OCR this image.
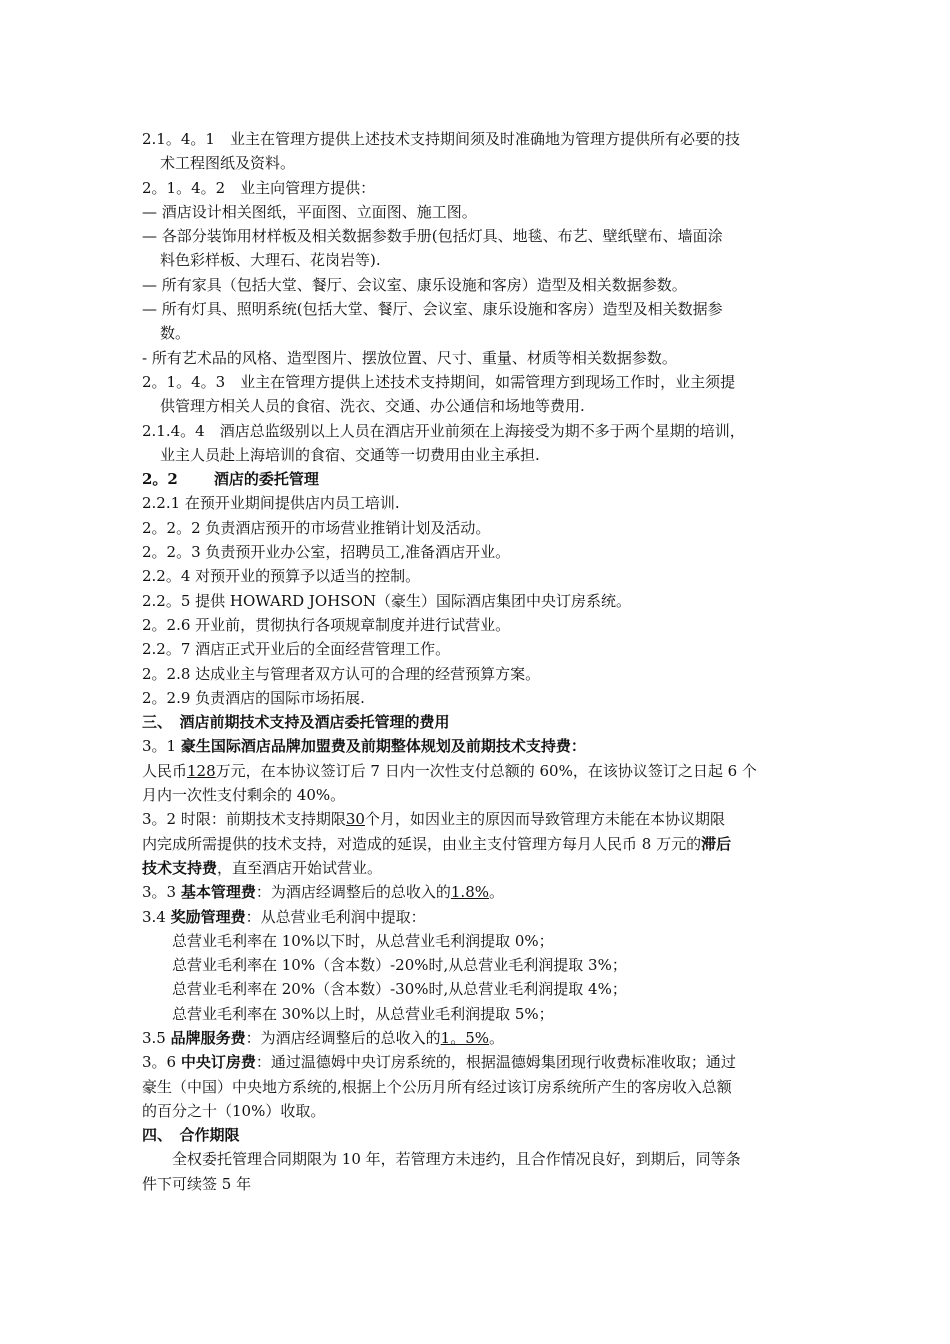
2.1。4。1　业主在管理方提供上述技术支持期间须及时准确地为管理方提供所有必要的技
术工程图纸及资料。
2。1。4。2　业主向管理方提供：
— 酒店设计相关图纸，平面图、立面图、施工图。
— 各部分装饰用材样板及相关数据参数手册(包括灯具、地毯、布艺、壁纸壁布、墙面涂
料色彩样板、大理石、花岗岩等).
— 所有家具（包括大堂、餐厅、会议室、康乐设施和客房）造型及相关数据参数。
— 所有灯具、照明系统(包括大堂、餐厅、会议室、康乐设施和客房）造型及相关数据参
数。
- 所有艺术品的风格、造型图片、摆放位置、尺寸、重量、材质等相关数据参数。
2。1。4。3　业主在管理方提供上述技术支持期间，如需管理方到现场工作时，业主须提
供管理方相关人员的食宿、洗衣、交通、办公通信和场地等费用.
2.1.4。4　酒店总监级别以上人员在酒店开业前须在上海接受为期不多于两个星期的培训，
业主人员赴上海培训的食宿、交通等一切费用由业主承担.
2。2 酒店的委托管理
2.2.1 在预开业期间提供店内员工培训.
2。2。2 负责酒店预开的市场营业推销计划及活动。
2。2。3 负责预开业办公室，招聘员工,准备酒店开业。
2.2。4 对预开业的预算予以适当的控制。
2.2。5 提供 HOWARD JOHSON（豪生）国际酒店集团中央订房系统。
2。2.6 开业前，贯彻执行各项规章制度并进行试营业。
2.2。7 酒店正式开业后的全面经营管理工作。
2。2.8 达成业主与管理者双方认可的合理的经营预算方案。
2。2.9 负责酒店的国际市场拓展.
三、　酒店前期技术支持及酒店委托管理的费用
3。1 豪生国际酒店品牌加盟费及前期整体规划及前期技术支持费：
人民币128万元，在本协议签订后 7 日内一次性支付总额的 60%，在该协议签订之日起 6 个
月内一次性支付剩余的 40%。
3。2 时限：前期技术支持期限30个月，如因业主的原因而导致管理方未能在本协议期限
内完成所需提供的技术支持，对造成的延误，由业主支付管理方每月人民币 8 万元的滞后
技术支持费，直至酒店开始试营业。
3。3 基本管理费：为酒店经调整后的总收入的1.8%。
3.4 奖励管理费：从总营业毛利润中提取：
总营业毛利率在 10%以下时，从总营业毛利润提取 0%；
总营业毛利率在 10%（含本数）-20%时,从总营业毛利润提取 3%；
总营业毛利率在 20%（含本数）-30%时,从总营业毛利润提取 4%；
总营业毛利率在 30%以上时，从总营业毛利润提取 5%；
3.5 品牌服务费：为酒店经调整后的总收入的1。5%。
3。6 中央订房费：通过温德姆中央订房系统的，根据温德姆集团现行收费标准收取；通过
豪生（中国）中央地方系统的,根据上个公历月所有经过该订房系统所产生的客房收入总额
的百分之十（10%）收取。
四、　合作期限
全权委托管理合同期限为 10 年，若管理方未违约，且合作情况良好，到期后，同等条
件下可续签 5 年
